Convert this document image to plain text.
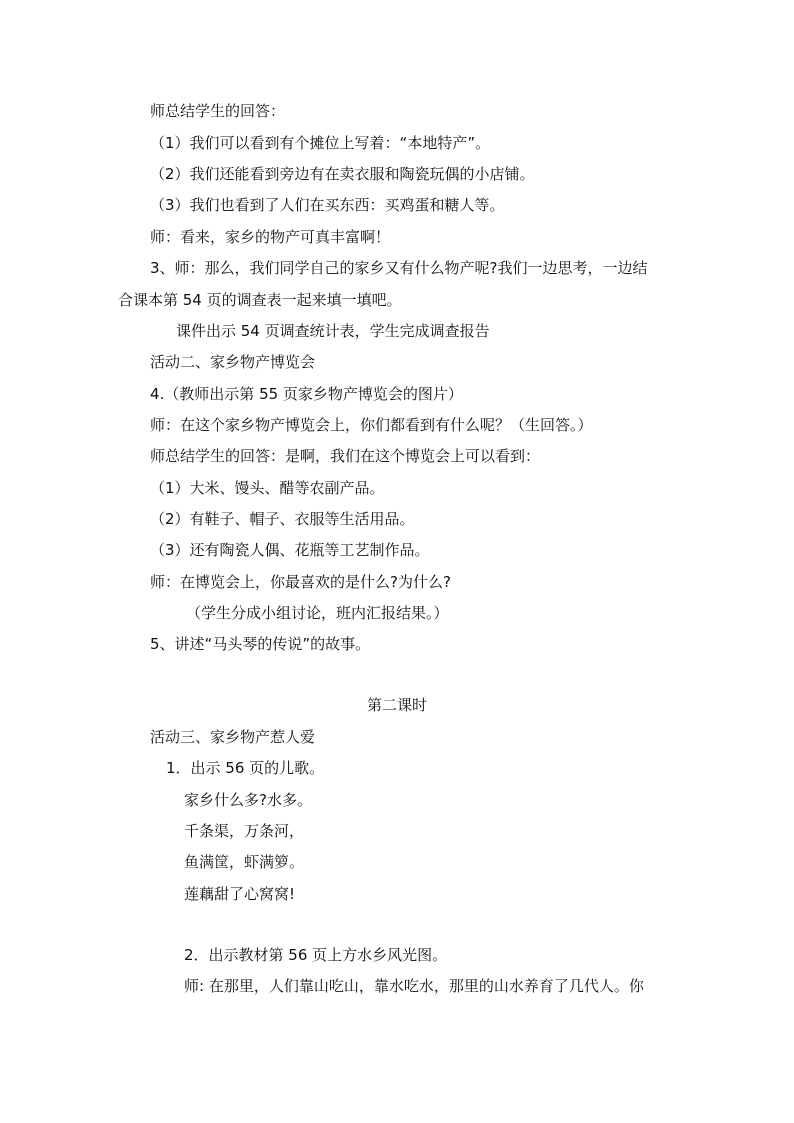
师总结学生的回答：
（1）我们可以看到有个摊位上写着：“本地特产”。
（2）我们还能看到旁边有在卖衣服和陶瓷玩偶的小店铺。
（3）我们也看到了人们在买东西：买鸡蛋和糖人等。
师：看来，家乡的物产可真丰富啊！
3、师：那么，我们同学自己的家乡又有什么物产呢?我们一边思考，一边结
合课本第 54 页的调查表一起来填一填吧。
课件出示 54 页调查统计表，学生完成调查报告
活动二、家乡物产博览会
4.（教师出示第 55 页家乡物产博览会的图片）
师：在这个家乡物产博览会上，你们都看到有什么呢？（生回答。）
师总结学生的回答：是啊，我们在这个博览会上可以看到：
（1）大米、馒头、醋等农副产品。
（2）有鞋子、帽子、衣服等生活用品。
（3）还有陶瓷人偶、花瓶等工艺制作品。
师：在博览会上，你最喜欢的是什么?为什么?
（学生分成小组讨论，班内汇报结果。）
5、讲述“马头琴的传说”的故事。
第二课时
活动三、家乡物产惹人爱
1．出示 56 页的儿歌。
家乡什么多?水多。
千条渠，万条河，
鱼满筐，虾满箩。
莲藕甜了心窝窝!
2．出示教材第 56 页上方水乡风光图。
师: 在那里，人们靠山吃山，靠水吃水，那里的山水养育了几代人。你
